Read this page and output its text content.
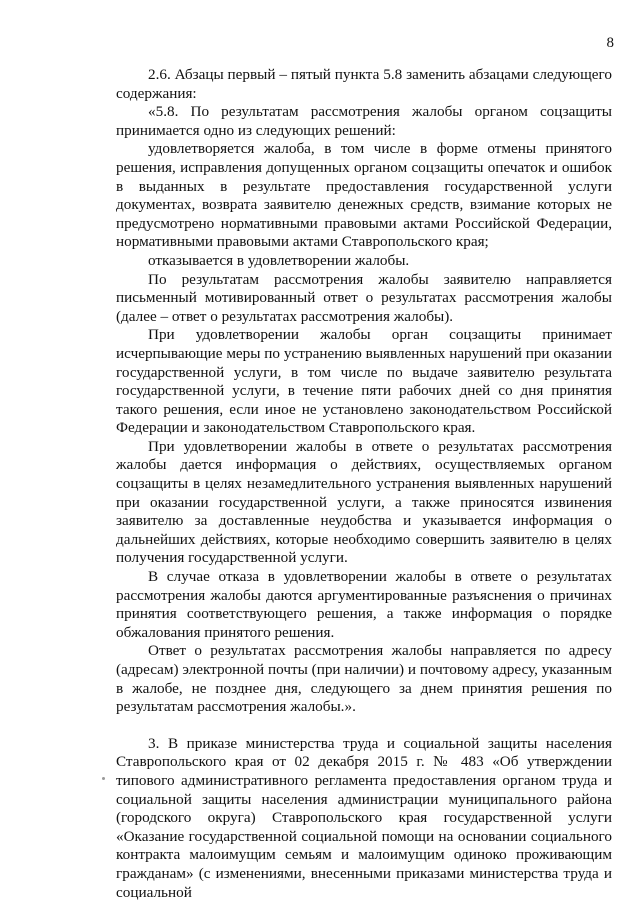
8

2.6. Абзацы первый – пятый пункта 5.8 заменить абзацами следующего содержания:

«5.8. По результатам рассмотрения жалобы органом соцзащиты принимается одно из следующих решений:

удовлетворяется жалоба, в том числе в форме отмены принятого решения, исправления допущенных органом соцзащиты опечаток и ошибок в выданных в результате предоставления государственной услуги документах, возврата заявителю денежных средств, взимание которых не предусмотрено нормативными правовыми актами Российской Федерации, нормативными правовыми актами Ставропольского края;

отказывается в удовлетворении жалобы.

По результатам рассмотрения жалобы заявителю направляется письменный мотивированный ответ о результатах рассмотрения жалобы (далее – ответ о результатах рассмотрения жалобы).

При удовлетворении жалобы орган соцзащиты принимает исчерпывающие меры по устранению выявленных нарушений при оказании государственной услуги, в том числе по выдаче заявителю результата государственной услуги, в течение пяти рабочих дней со дня принятия такого решения, если иное не установлено законодательством Российской Федерации и законодательством Ставропольского края.

При удовлетворении жалобы в ответе о результатах рассмотрения жалобы дается информация о действиях, осуществляемых органом соцзащиты в целях незамедлительного устранения выявленных нарушений при оказании государственной услуги, а также приносятся извинения заявителю за доставленные неудобства и указывается информация о дальнейших действиях, которые необходимо совершить заявителю в целях получения государственной услуги.

В случае отказа в удовлетворении жалобы в ответе о результатах рассмотрения жалобы даются аргументированные разъяснения о причинах принятия соответствующего решения, а также информация о порядке обжалования принятого решения.

Ответ о результатах рассмотрения жалобы направляется по адресу (адресам) электронной почты (при наличии) и почтовому адресу, указанным в жалобе, не позднее дня, следующего за днем принятия решения по результатам рассмотрения жалобы.».

3. В приказе министерства труда и социальной защиты населения Ставропольского края от 02 декабря 2015 г. № 483 «Об утверждении типового административного регламента предоставления органом труда и социальной защиты населения администрации муниципального района (городского округа) Ставропольского края государственной услуги «Оказание государственной социальной помощи на основании социального контракта малоимущим семьям и малоимущим одиноко проживающим гражданам» (с изменениями, внесенными приказами министерства труда и социальной
